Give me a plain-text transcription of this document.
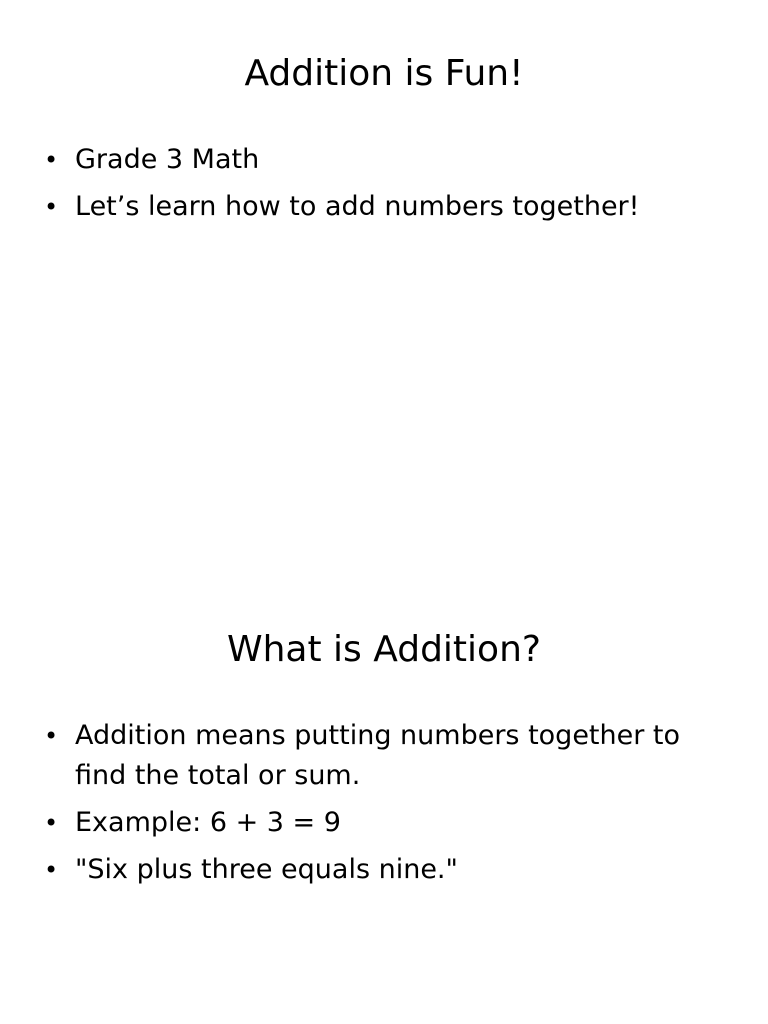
Addition is Fun!
• Grade 3 Math
• Let’s learn how to add numbers together!
What is Addition?
• Addition means putting numbers together to find the total or sum.
• Example: 6 + 3 = 9
• "Six plus three equals nine."
